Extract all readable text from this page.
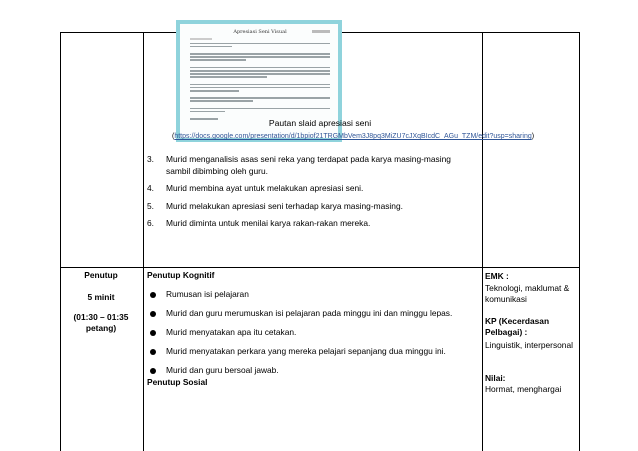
Apresiasi Seni Visual
Pautan slaid apresiasi seni
(https://docs.google.com/presentation/d/1bpiof21TRGMbVem3J8pq3MiZU7cJXqBIcdC_AGu_TZM/edit?usp=sharing)
3. Murid menganalisis asas seni reka yang terdapat pada karya masing-masing sambil dibimbing oleh guru.
4. Murid membina ayat untuk melakukan apresiasi seni.
5. Murid melakukan apresiasi seni terhadap karya masing-masing.
6. Murid diminta untuk menilai karya rakan-rakan mereka.
Penutup
5 minit
(01:30 – 01:35 petang)
Penutup Kognitif
Rumusan isi pelajaran
Murid dan guru merumuskan isi pelajaran pada minggu ini dan minggu lepas.
Murid menyatakan apa itu cetakan.
Murid menyatakan perkara yang mereka pelajari sepanjang dua minggu ini.
Murid dan guru bersoal jawab.
Penutup Sosial
EMK :
Teknologi, maklumat & komunikasi
KP (Kecerdasan Pelbagai) :
Linguistik, interpersonal
Nilai:
Hormat, menghargai
